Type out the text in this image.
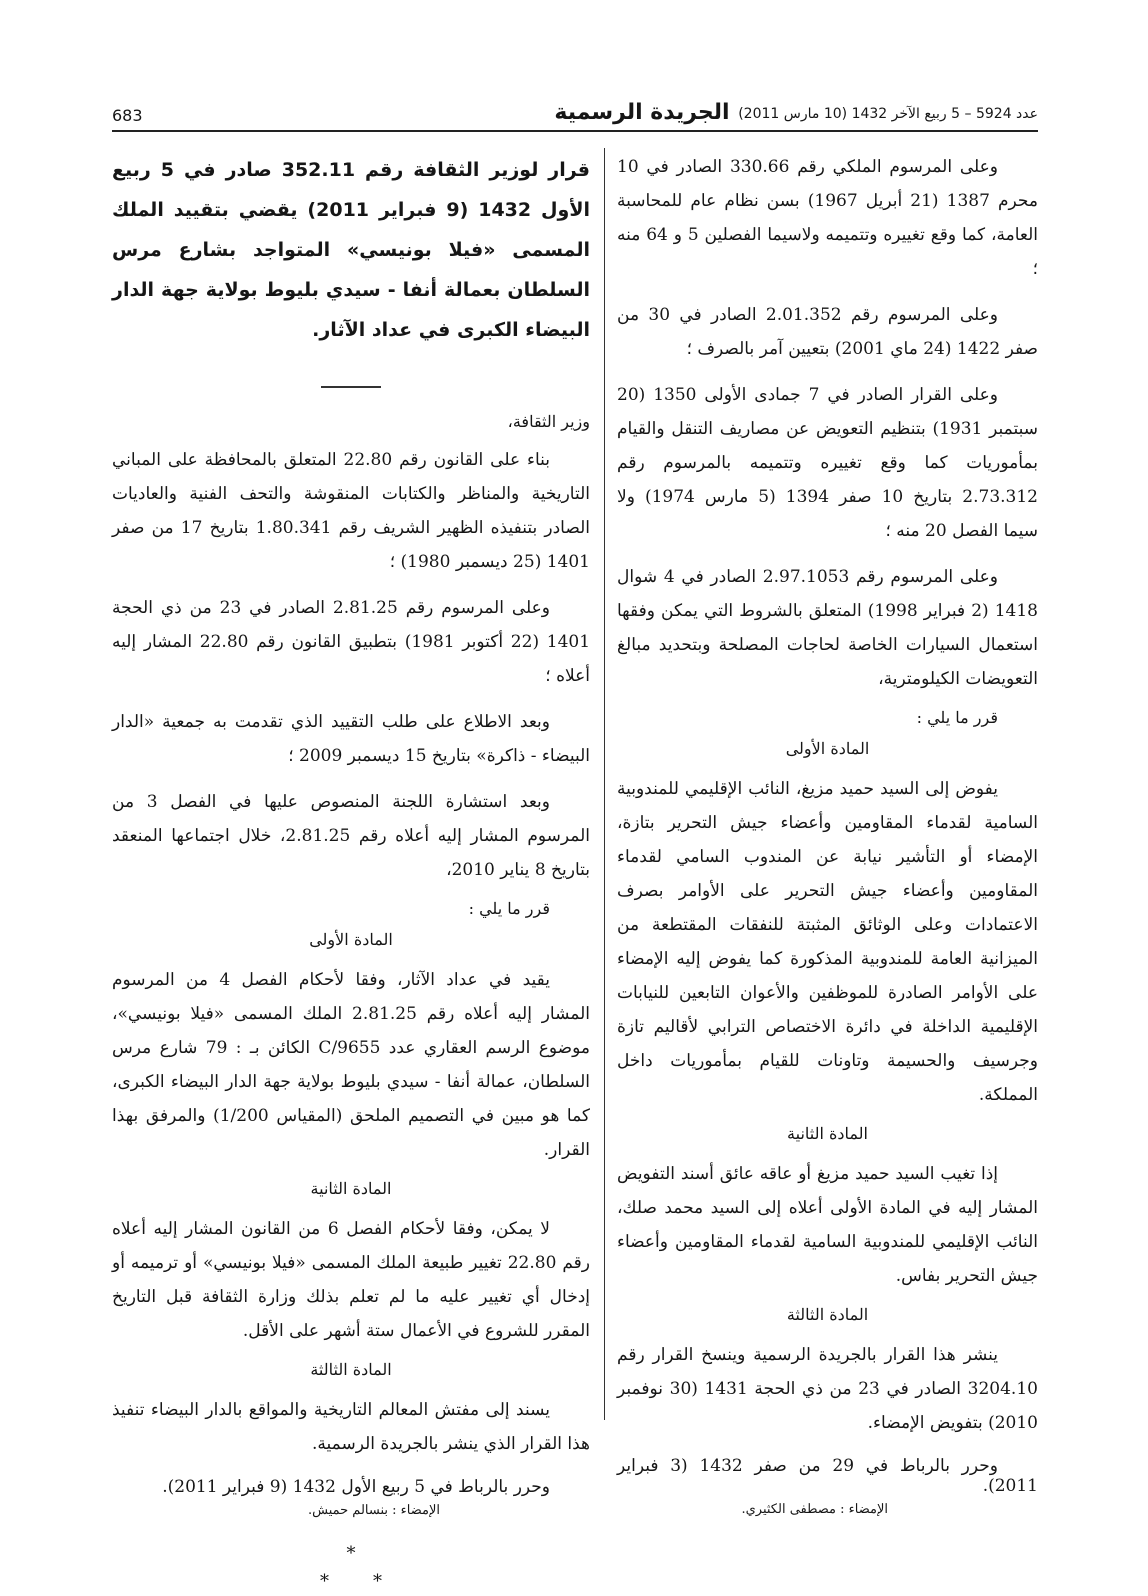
683	الجريدة الرسمية عدد 5924 – 5 ربيع الآخر 1432 (10 مارس 2011)

وعلى المرسوم الملكي رقم 330.66 الصادر في 10 محرم 1387 (21 أبريل 1967) بسن نظام عام للمحاسبة العامة، كما وقع تغييره وتتميمه ولاسيما الفصلين 5 و 64 منه ؛

وعلى المرسوم رقم 2.01.352 الصادر في 30 من صفر 1422 (24 ماي 2001) بتعيين آمر بالصرف ؛

وعلى القرار الصادر في 7 جمادى الأولى 1350 (20 سبتمبر 1931) بتنظيم التعويض عن مصاريف التنقل والقيام بمأموريات كما وقع تغييره وتتميمه بالمرسوم رقم 2.73.312 بتاريخ 10 صفر 1394 (5 مارس 1974) ولا سيما الفصل 20 منه ؛

وعلى المرسوم رقم 2.97.1053 الصادر في 4 شوال 1418 (2 فبراير 1998) المتعلق بالشروط التي يمكن وفقها استعمال السيارات الخاصة لحاجات المصلحة وبتحديد مبالغ التعويضات الكيلومترية،

قرر ما يلي :

المادة الأولى

يفوض إلى السيد حميد مزيغ، النائب الإقليمي للمندوبية السامية لقدماء المقاومين وأعضاء جيش التحرير بتازة، الإمضاء أو التأشير نيابة عن المندوب السامي لقدماء المقاومين وأعضاء جيش التحرير على الأوامر بصرف الاعتمادات وعلى الوثائق المثبتة للنفقات المقتطعة من الميزانية العامة للمندوبية المذكورة كما يفوض إليه الإمضاء على الأوامر الصادرة للموظفين والأعوان التابعين للنيابات الإقليمية الداخلة في دائرة الاختصاص الترابي لأقاليم تازة وجرسيف والحسيمة وتاونات للقيام بمأموريات داخل المملكة.

المادة الثانية

إذا تغيب السيد حميد مزيغ أو عاقه عائق أسند التفويض المشار إليه في المادة الأولى أعلاه إلى السيد محمد صلك، النائب الإقليمي للمندوبية السامية لقدماء المقاومين وأعضاء جيش التحرير بفاس.

المادة الثالثة

ينشر هذا القرار بالجريدة الرسمية وينسخ القرار رقم 3204.10 الصادر في 23 من ذي الحجة 1431 (30 نوفمبر 2010) بتفويض الإمضاء.

وحرر بالرباط في 29 من صفر 1432 (3 فبراير 2011).

الإمضاء : مصطفى الكثيري.

قرار لوزير الثقافة رقم 352.11 صادر في 5 ربيع الأول 1432 (9 فبراير 2011) يقضي بتقييد الملك المسمى «فيلا بونيسي» المتواجد بشارع مرس السلطان بعمالة أنفا - سيدي بليوط بولاية جهة الدار البيضاء الكبرى في عداد الآثار.

وزير الثقافة،

بناء على القانون رقم 22.80 المتعلق بالمحافظة على المباني التاريخية والمناظر والكتابات المنقوشة والتحف الفنية والعاديات الصادر بتنفيذه الظهير الشريف رقم 1.80.341 بتاريخ 17 من صفر 1401 (25 ديسمبر 1980) ؛

وعلى المرسوم رقم 2.81.25 الصادر في 23 من ذي الحجة 1401 (22 أكتوبر 1981) بتطبيق القانون رقم 22.80 المشار إليه أعلاه ؛

وبعد الاطلاع على طلب التقييد الذي تقدمت به جمعية «الدار البيضاء - ذاكرة» بتاريخ 15 ديسمبر 2009 ؛

وبعد استشارة اللجنة المنصوص عليها في الفصل 3 من المرسوم المشار إليه أعلاه رقم 2.81.25، خلال اجتماعها المنعقد بتاريخ 8 يناير 2010،

قرر ما يلي :

المادة الأولى

يقيد في عداد الآثار، وفقا لأحكام الفصل 4 من المرسوم المشار إليه أعلاه رقم 2.81.25 الملك المسمى «فيلا بونيسي»، موضوع الرسم العقاري عدد 9655/C الكائن بـ : 79 شارع مرس السلطان، عمالة أنفا - سيدي بليوط بولاية جهة الدار البيضاء الكبرى، كما هو مبين في التصميم الملحق (المقياس 1/200) والمرفق بهذا القرار.

المادة الثانية

لا يمكن، وفقا لأحكام الفصل 6 من القانون المشار إليه أعلاه رقم 22.80 تغيير طبيعة الملك المسمى «فيلا بونيسي» أو ترميمه أو إدخال أي تغيير عليه ما لم تعلم بذلك وزارة الثقافة قبل التاريخ المقرر للشروع في الأعمال ستة أشهر على الأقل.

المادة الثالثة

يسند إلى مفتش المعالم التاريخية والمواقع بالدار البيضاء تنفيذ هذا القرار الذي ينشر بالجريدة الرسمية.

وحرر بالرباط في 5 ربيع الأول 1432 (9 فبراير 2011).

الإمضاء : بنسالم حميش.

*

**
